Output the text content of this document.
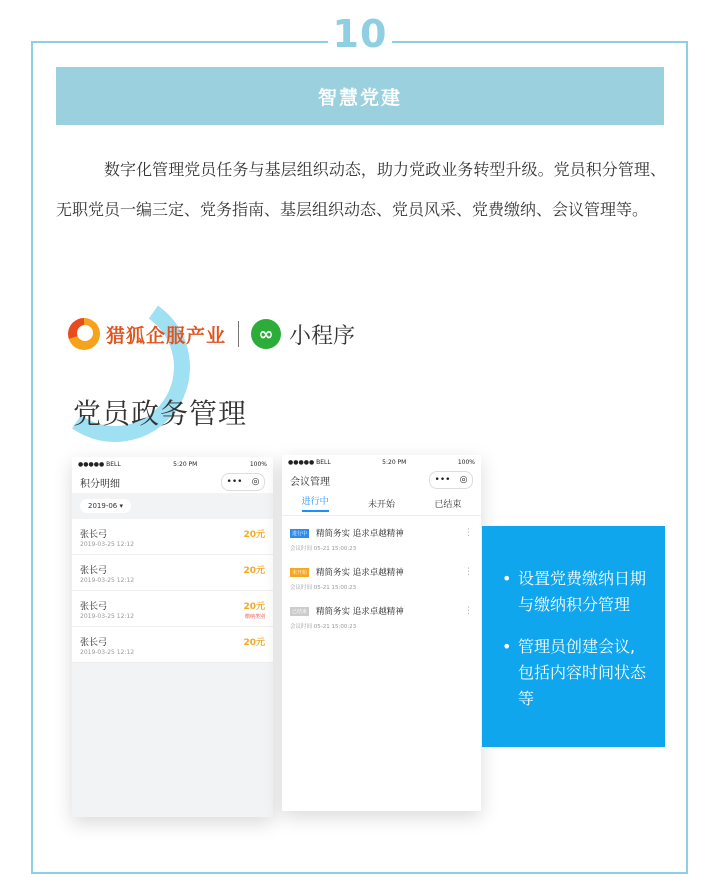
10
智慧党建
数字化管理党员任务与基层组织动态，助力党政业务转型升级。党员积分管理、无职党员一编三定、党务指南、基层组织动态、党员风采、党费缴纳、会议管理等。
猎狐企服产业	∞ 小程序
党员政务管理
●●●●● BELL	5:20 PM	100%
积分明细	••• ◎
2019-06 ▾
张长弓
2019-03-25 12:12
20元
张长弓
2019-03-25 12:12
20元
张长弓
2019-03-25 12:12
20元
缴纳类别
张长弓
2019-03-25 12:12
20元
●●●●● BELL	5:20 PM	100%
会议管理	••• ◎
进行中	未开始	已结束
进行中 精简务实 追求卓越精神
会议时间 05-21 15:00:23
⋮
未开始 精简务实 追求卓越精神
会议时间 05-21 15:00:23
⋮
已结束 精简务实 追求卓越精神
会议时间 05-21 15:00:23
⋮
• 设置党费缴纳日期
与缴纳积分管理
• 管理员创建会议,
包括内容时间状态
等
